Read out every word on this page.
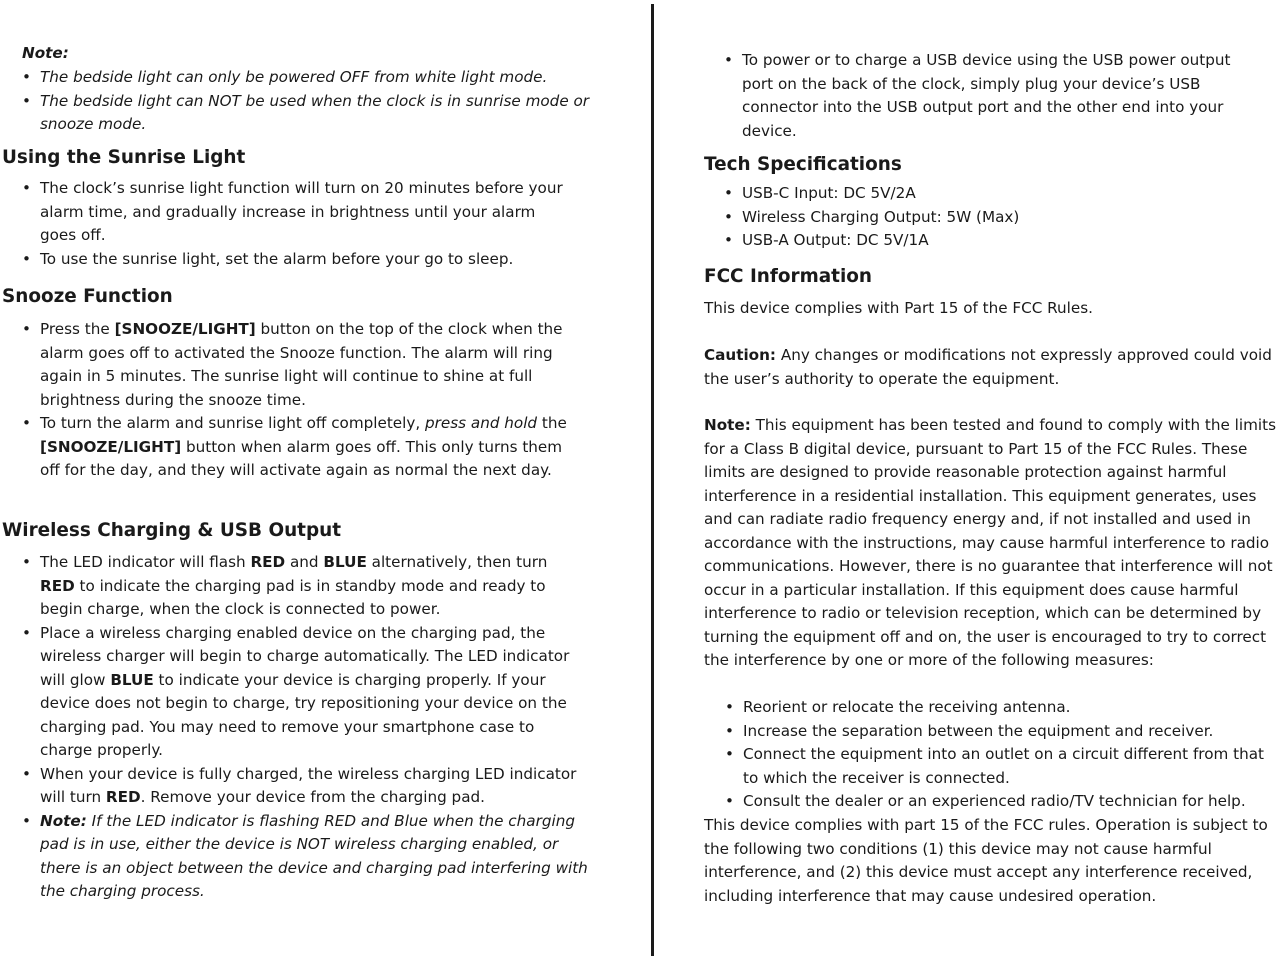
Note:
• The bedside light can only be powered OFF from white light mode.
• The bedside light can NOT be used when the clock is in sunrise mode or snooze mode.
Using the Sunrise Light
• The clock’s sunrise light function will turn on 20 minutes before your alarm time, and gradually increase in brightness until your alarm goes off.
• To use the sunrise light, set the alarm before your go to sleep.
Snooze Function
• Press the [SNOOZE/LIGHT] button on the top of the clock when the alarm goes off to activated the Snooze function. The alarm will ring again in 5 minutes. The sunrise light will continue to shine at full brightness during the snooze time.
• To turn the alarm and sunrise light off completely, press and hold the [SNOOZE/LIGHT] button when alarm goes off. This only turns them off for the day, and they will activate again as normal the next day.
Wireless Charging & USB Output
• The LED indicator will flash RED and BLUE alternatively, then turn RED to indicate the charging pad is in standby mode and ready to begin charge, when the clock is connected to power.
• Place a wireless charging enabled device on the charging pad, the wireless charger will begin to charge automatically. The LED indicator will glow BLUE to indicate your device is charging properly. If your device does not begin to charge, try repositioning your device on the charging pad. You may need to remove your smartphone case to charge properly.
• When your device is fully charged, the wireless charging LED indicator will turn RED. Remove your device from the charging pad.
• Note: If the LED indicator is flashing RED and Blue when the charging pad is in use, either the device is NOT wireless charging enabled, or there is an object between the device and charging pad interfering with the charging process.
• To power or to charge a USB device using the USB power output port on the back of the clock, simply plug your device’s USB connector into the USB output port and the other end into your device.
Tech Specifications
• USB-C Input: DC 5V/2A
• Wireless Charging Output: 5W (Max)
• USB-A Output: DC 5V/1A
FCC Information
This device complies with Part 15 of the FCC Rules.
Caution: Any changes or modifications not expressly approved could void the user’s authority to operate the equipment.
Note: This equipment has been tested and found to comply with the limits for a Class B digital device, pursuant to Part 15 of the FCC Rules. These limits are designed to provide reasonable protection against harmful interference in a residential installation. This equipment generates, uses and can radiate radio frequency energy and, if not installed and used in accordance with the instructions, may cause harmful interference to radio communications. However, there is no guarantee that interference will not occur in a particular installation. If this equipment does cause harmful interference to radio or television reception, which can be determined by turning the equipment off and on, the user is encouraged to try to correct the interference by one or more of the following measures:
• Reorient or relocate the receiving antenna.
• Increase the separation between the equipment and receiver.
• Connect the equipment into an outlet on a circuit different from that to which the receiver is connected.
• Consult the dealer or an experienced radio/TV technician for help.
This device complies with part 15 of the FCC rules. Operation is subject to the following two conditions (1) this device may not cause harmful interference, and (2) this device must accept any interference received, including interference that may cause undesired operation.
